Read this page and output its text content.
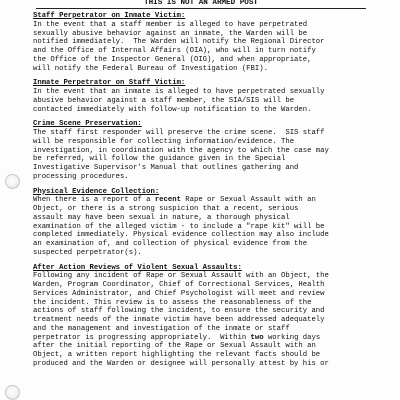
THIS IS NOT AN ARMED POST
Staff Perpetrator on Inmate Victim:
In the event that a staff member is alleged to have perpetrated
sexually abusive behavior against an inmate, the Warden will be
notified immediately.  The Warden will notify the Regional Director
and the Office of Internal Affairs (OIA), who will in turn notify
the Office of the Inspector General (OIG), and when appropriate,
will notify the Federal Bureau of Investigation (FBI).
Inmate Perpetrator on Staff Victim:
In the event that an inmate is alleged to have perpetrated sexually
abusive behavior against a staff member, the SIA/SIS will be
contacted immediately with follow-up notification to the Warden.
Crime Scene Preservation:
The staff first responder will preserve the crime scene.  SIS staff
will be responsible for collecting information/evidence. The
investigation, in coordination with the agency to which the case may
be referred, will follow the guidance given in the Special
Investigative Supervisor's Manual that outlines gathering and
processing procedures.
Physical Evidence Collection:
When there is a report of a recent Rape or Sexual Assault with an
Object, or there is a strong suspicion that a recent, serious
assault may have been sexual in nature, a thorough physical
examination of the alleged victim - to include a "rape kit" will be
completed immediately. Physical evidence collection may also include
an examination of, and collection of physical evidence from the
suspected perpetrator(s).
After Action Reviews of Violent Sexual Assaults:
Following any incident of Rape or Sexual Assault with an Object, the
Warden, Program Coordinator, Chief of Correctional Services, Health
Services Administrator, and Chief Psychologist will meet and review
the incident. This review is to assess the reasonableness of the
actions of staff following the incident, to ensure the security and
treatment needs of the inmate victim have been addressed adequately
and the management and investigation of the inmate or staff
perpetrator is progressing appropriately.  Within two working days
after the initial reporting of the Rape or Sexual Assault with an
Object, a written report highlighting the relevant facts should be
produced and the Warden or designee will personally attest by his or
